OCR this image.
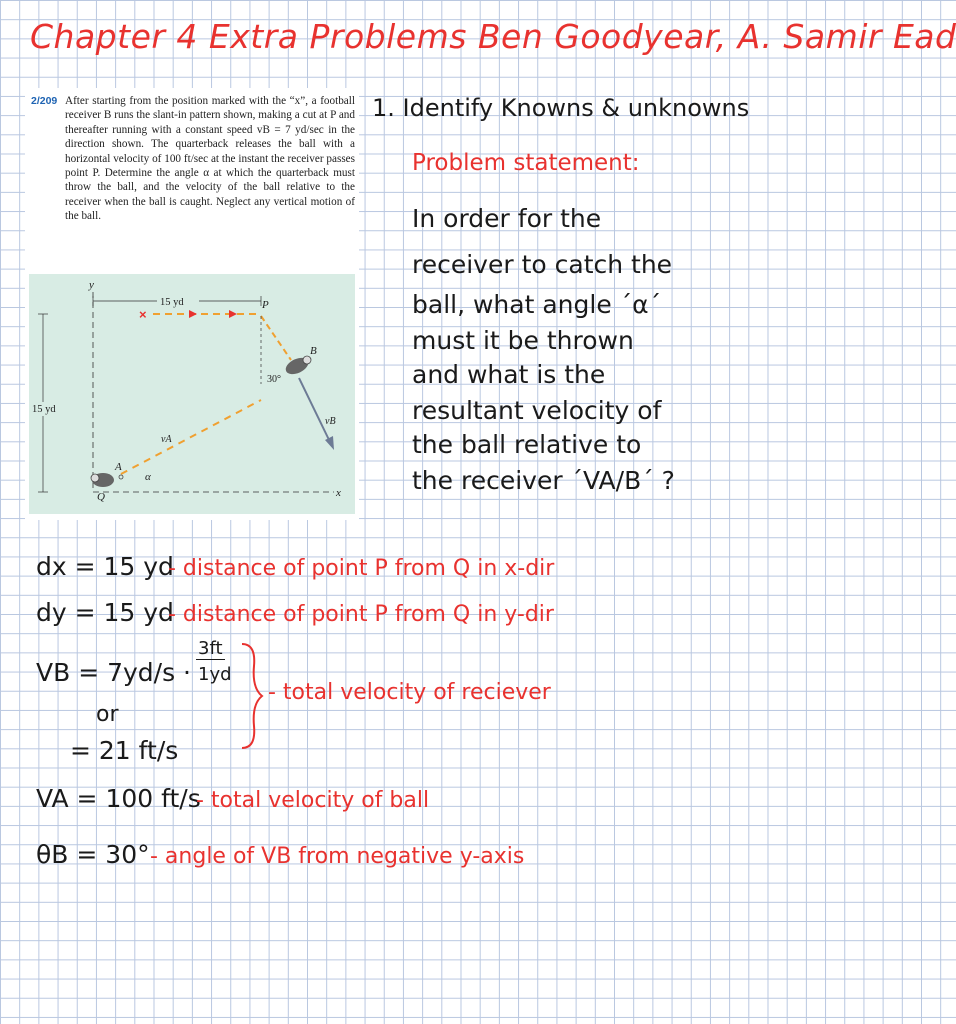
Chapter 4 Extra Problems Ben Goodyear, A. Samir Ead
2/209 After starting from the position marked with the “x”, a football receiver B runs the slant-in pattern shown, making a cut at P and thereafter running with a constant speed vB = 7 yd/sec in the direction shown. The quarterback releases the ball with a horizontal velocity of 100 ft/sec at the instant the receiver passes point P. Determine the angle α at which the quarterback must throw the ball, and the velocity of the ball relative to the receiver when the ball is caught. Neglect any vertical motion of the ball.
y
x
15 yd
15 yd
×
P
30°
B
vB
vA
A
Q
α
1. Identify Knowns & unknowns
Problem statement:
In order for the
receiver to catch the
ball, what angle ´α´
must it be thrown
and what is the
resultant velocity of
the ball relative to
the receiver ´VA/B´ ?
dx = 15 yd
- distance of point P from Q in x-dir
dy = 15 yd
- distance of point P from Q in y-dir
VB = 7yd/s ·
3ft
1yd
- total velocity of reciever
or
= 21 ft/s
VA = 100 ft/s
- total velocity of ball
θB = 30° - angle of VB from negative y-axis
